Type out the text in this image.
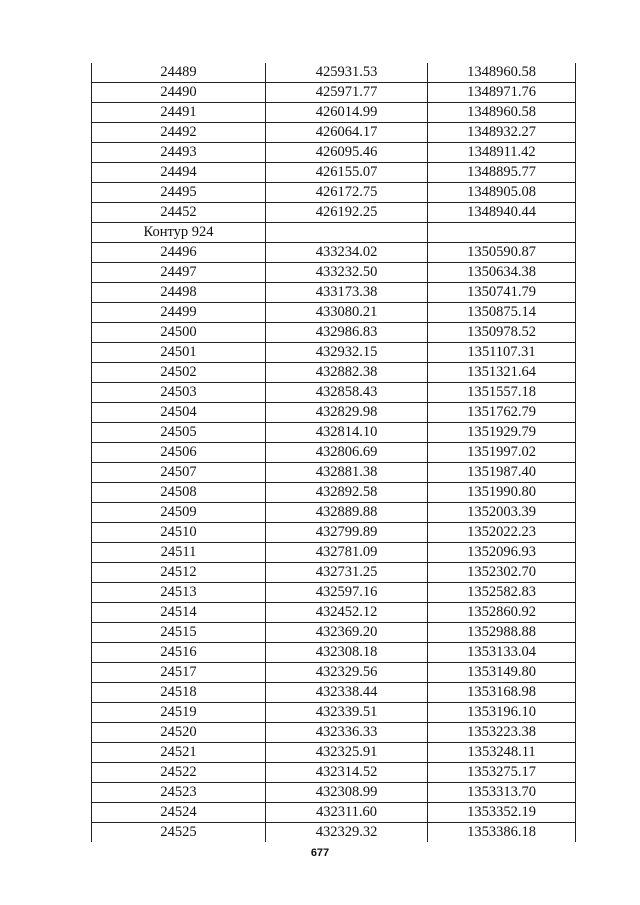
24489	425931.53	1348960.58
24490	425971.77	1348971.76
24491	426014.99	1348960.58
24492	426064.17	1348932.27
24493	426095.46	1348911.42
24494	426155.07	1348895.77
24495	426172.75	1348905.08
24452	426192.25	1348940.44
Контур 924		
24496	433234.02	1350590.87
24497	433232.50	1350634.38
24498	433173.38	1350741.79
24499	433080.21	1350875.14
24500	432986.83	1350978.52
24501	432932.15	1351107.31
24502	432882.38	1351321.64
24503	432858.43	1351557.18
24504	432829.98	1351762.79
24505	432814.10	1351929.79
24506	432806.69	1351997.02
24507	432881.38	1351987.40
24508	432892.58	1351990.80
24509	432889.88	1352003.39
24510	432799.89	1352022.23
24511	432781.09	1352096.93
24512	432731.25	1352302.70
24513	432597.16	1352582.83
24514	432452.12	1352860.92
24515	432369.20	1352988.88
24516	432308.18	1353133.04
24517	432329.56	1353149.80
24518	432338.44	1353168.98
24519	432339.51	1353196.10
24520	432336.33	1353223.38
24521	432325.91	1353248.11
24522	432314.52	1353275.17
24523	432308.99	1353313.70
24524	432311.60	1353352.19
24525	432329.32	1353386.18
677
